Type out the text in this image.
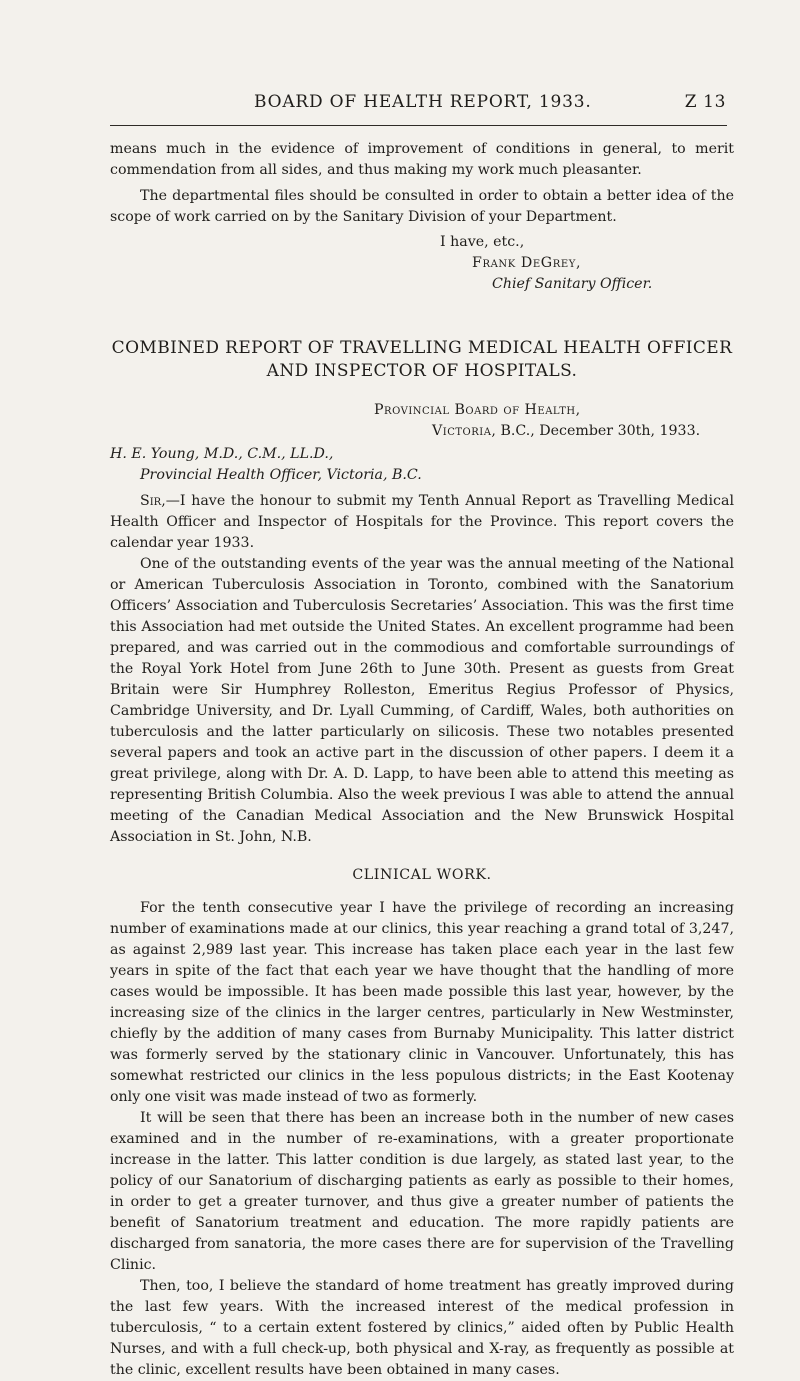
BOARD OF HEALTH REPORT, 1933.	Z 13

means much in the evidence of improvement of conditions in general, to merit commendation from all sides, and thus making my work much pleasanter.

The departmental files should be consulted in order to obtain a better idea of the scope of work carried on by the Sanitary Division of your Department.

I have, etc.,
Frank DeGrey,
Chief Sanitary Officer.
COMBINED REPORT OF TRAVELLING MEDICAL HEALTH OFFICER
AND INSPECTOR OF HOSPITALS.
Provincial Board of Health,
Victoria, B.C., December 30th, 1933.
H. E. Young, M.D., C.M., LL.D.,
Provincial Health Officer, Victoria, B.C.

Sir,—I have the honour to submit my Tenth Annual Report as Travelling Medical Health Officer and Inspector of Hospitals for the Province. This report covers the calendar year 1933.

One of the outstanding events of the year was the annual meeting of the National or American Tuberculosis Association in Toronto, combined with the Sanatorium Officers’ Association and Tuberculosis Secretaries’ Association. This was the first time this Association had met outside the United States. An excellent programme had been prepared, and was carried out in the commodious and comfortable surroundings of the Royal York Hotel from June 26th to June 30th. Present as guests from Great Britain were Sir Humphrey Rolleston, Emeritus Regius Professor of Physics, Cambridge University, and Dr. Lyall Cumming, of Cardiff, Wales, both authorities on tuberculosis and the latter particularly on silicosis. These two notables presented several papers and took an active part in the discussion of other papers. I deem it a great privilege, along with Dr. A. D. Lapp, to have been able to attend this meeting as representing British Columbia. Also the week previous I was able to attend the annual meeting of the Canadian Medical Association and the New Brunswick Hospital Association in St. John, N.B.

CLINICAL WORK.

For the tenth consecutive year I have the privilege of recording an increasing number of examinations made at our clinics, this year reaching a grand total of 3,247, as against 2,989 last year. This increase has taken place each year in the last few years in spite of the fact that each year we have thought that the handling of more cases would be impossible. It has been made possible this last year, however, by the increasing size of the clinics in the larger centres, particularly in New Westminster, chiefly by the addition of many cases from Burnaby Municipality. This latter district was formerly served by the stationary clinic in Vancouver. Unfortunately, this has somewhat restricted our clinics in the less populous districts; in the East Kootenay only one visit was made instead of two as formerly.

It will be seen that there has been an increase both in the number of new cases examined and in the number of re-examinations, with a greater proportionate increase in the latter. This latter condition is due largely, as stated last year, to the policy of our Sanatorium of discharging patients as early as possible to their homes, in order to get a greater turnover, and thus give a greater number of patients the benefit of Sanatorium treatment and education. The more rapidly patients are discharged from sanatoria, the more cases there are for supervision of the Travelling Clinic.

Then, too, I believe the standard of home treatment has greatly improved during the last few years. With the increased interest of the medical profession in tuberculosis, “ to a certain extent fostered by clinics,” aided often by Public Health Nurses, and with a full check-up, both physical and X-ray, as frequently as possible at the clinic, excellent results have been obtained in many cases.
